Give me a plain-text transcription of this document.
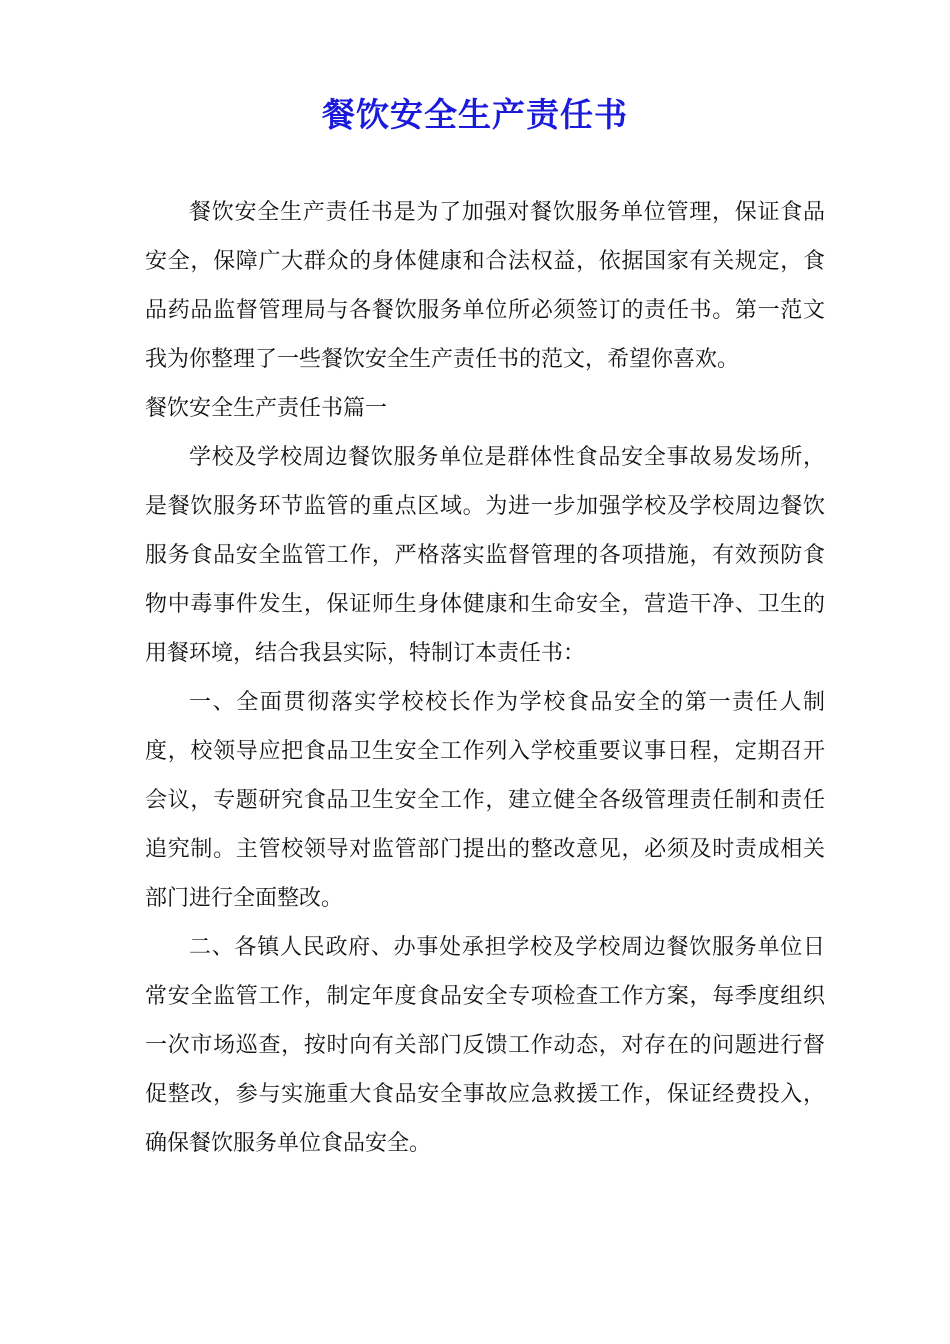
餐饮安全生产责任书

餐饮安全生产责任书是为了加强对餐饮服务单位管理，保证食品安全，保障广大群众的身体健康和合法权益，依据国家有关规定，食品药品监督管理局与各餐饮服务单位所必须签订的责任书。第一范文我为你整理了一些餐饮安全生产责任书的范文，希望你喜欢。

餐饮安全生产责任书篇一

学校及学校周边餐饮服务单位是群体性食品安全事故易发场所，是餐饮服务环节监管的重点区域。为进一步加强学校及学校周边餐饮服务食品安全监管工作，严格落实监督管理的各项措施，有效预防食物中毒事件发生，保证师生身体健康和生命安全，营造干净、卫生的用餐环境，结合我县实际，特制订本责任书：

一、全面贯彻落实学校校长作为学校食品安全的第一责任人制度，校领导应把食品卫生安全工作列入学校重要议事日程，定期召开会议，专题研究食品卫生安全工作，建立健全各级管理责任制和责任追究制。主管校领导对监管部门提出的整改意见，必须及时责成相关部门进行全面整改。

二、各镇人民政府、办事处承担学校及学校周边餐饮服务单位日常安全监管工作，制定年度食品安全专项检查工作方案，每季度组织一次市场巡查，按时向有关部门反馈工作动态，对存在的问题进行督促整改，参与实施重大食品安全事故应急救援工作，保证经费投入，确保餐饮服务单位食品安全。
